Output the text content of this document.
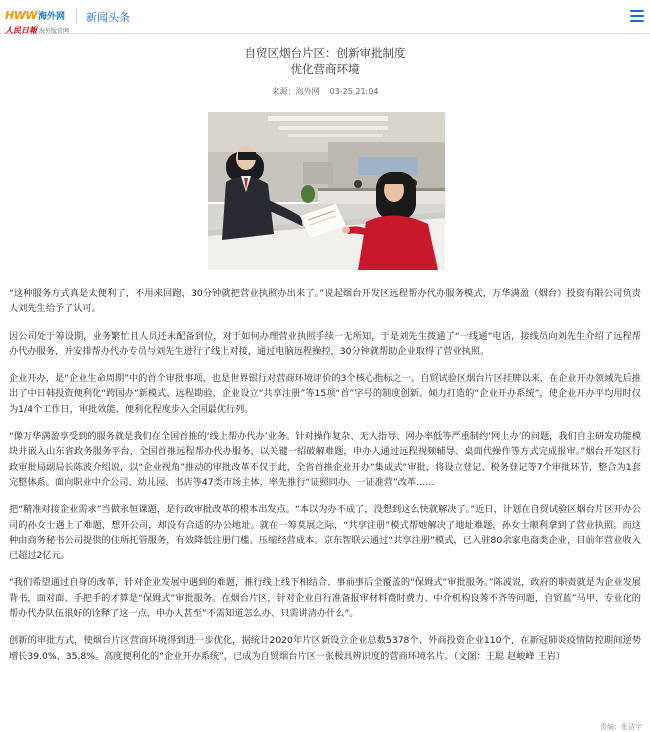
HWW海外网
人民日報 海外版官网
新闻头条
自贸区烟台片区：创新审批制度
优化营商环境
来源：海外网 03-25 21:04

“这种服务方式真是太便利了，不用来回跑，30分钟就把营业执照办出来了。”说起烟台开发区远程帮办代办服务模式，万华满盈（烟台）投资有限公司负责人刘先生给予了认可。

因公司处于筹设期，业务繁忙且人员还未配备到位，对于如何办理营业执照手续一无所知，于是刘先生拨通了“一线通”电话，接线员向刘先生介绍了远程帮办代办服务，并安排帮办代办专员与刘先生进行了线上对接，通过电脑远程操控，30分钟就帮助企业取得了营业执照。

企业开办，是“企业生命周期”中的首个审批事项，也是世界银行对营商环境评价的3个核心指标之一。自贸试验区烟台片区挂牌以来，在企业开办领域先后推出了中日韩投资便利化“跨国办”新模式、远程勘验、企业设立“共享注册”等15项“首”字号的制度创新。倾力打造的“企业开办系统”，使企业开办平均用时仅为1/4个工作日，审批效能、便利化程度步入全国最优行列。

“像万华满盈享受到的服务就是我们在全国首推的‘线上帮办代办’业务。针对操作复杂、无人指导、网办率低等严重制约‘网上办’的问题，我们自主研发功能模块并嵌入山东省政务服务平台，全国首推远程帮办代办服务，以关键一招破解难题，申办人通过远程视频辅导、桌面代操作等方式完成报审。”烟台开发区行政审批局副局长陈波介绍说，以“企业视角”推动的审批改革不仅于此，全省首推企业开办“集成式”审批，将设立登记、税务登记等7个审批环节，整合为1套完整体系。面向职业中介公司、幼儿园、书店等47类市场主体，率先推行“证照同办、一证准营”改革……

把“精准对接企业需求”当做永恒课题，是行政审批改革的根本出发点。“本以为办不成了，没想到这么快就解决了。”近日，计划在自贸试验区烟台片区开办公司的孙女士遇上了难题，想开公司，却没有合适的办公地址。就在一筹莫展之际，“共享注册”模式帮她解决了地址难题，孙女士顺利拿到了营业执照。而这种由商务秘书公司提供的住所托管服务，有效降低注册门槛、压缩经营成本。京东智联云通过“共享注册”模式，已入驻80余家电商类企业，目前年营业收入已超过2亿元。

“我们希望通过自身的改革，针对企业发展中遇到的难题，推行线上线下相结合、事前事后全覆盖的“保姆式”审批服务。”陈波说，政府的职责就是为企业发展背书，面对面、手把手的才算是“保姆式”审批服务。在烟台片区，针对企业自行准备报审材料费时费力、中介机构良莠不齐等问题，自贸蓝”马甲、专业化的帮办代办队伍很好的诠释了这一点，申办人甚至“不需知道怎么办、只需讲清办什么”。

创新的审批方式，使烟台片区营商环境得到进一步优化，据统计2020年片区新设立企业总数5378个、外商投资企业110个，在新冠肺炎疫情防控期间逆势增长39.0%、35.8%。高度便利化的“企业开办系统”，已成为自贸烟台片区一张极具辨识度的营商环境名片。（文图：王聪 赵峻峰 王岩）

责编：张洁宇
